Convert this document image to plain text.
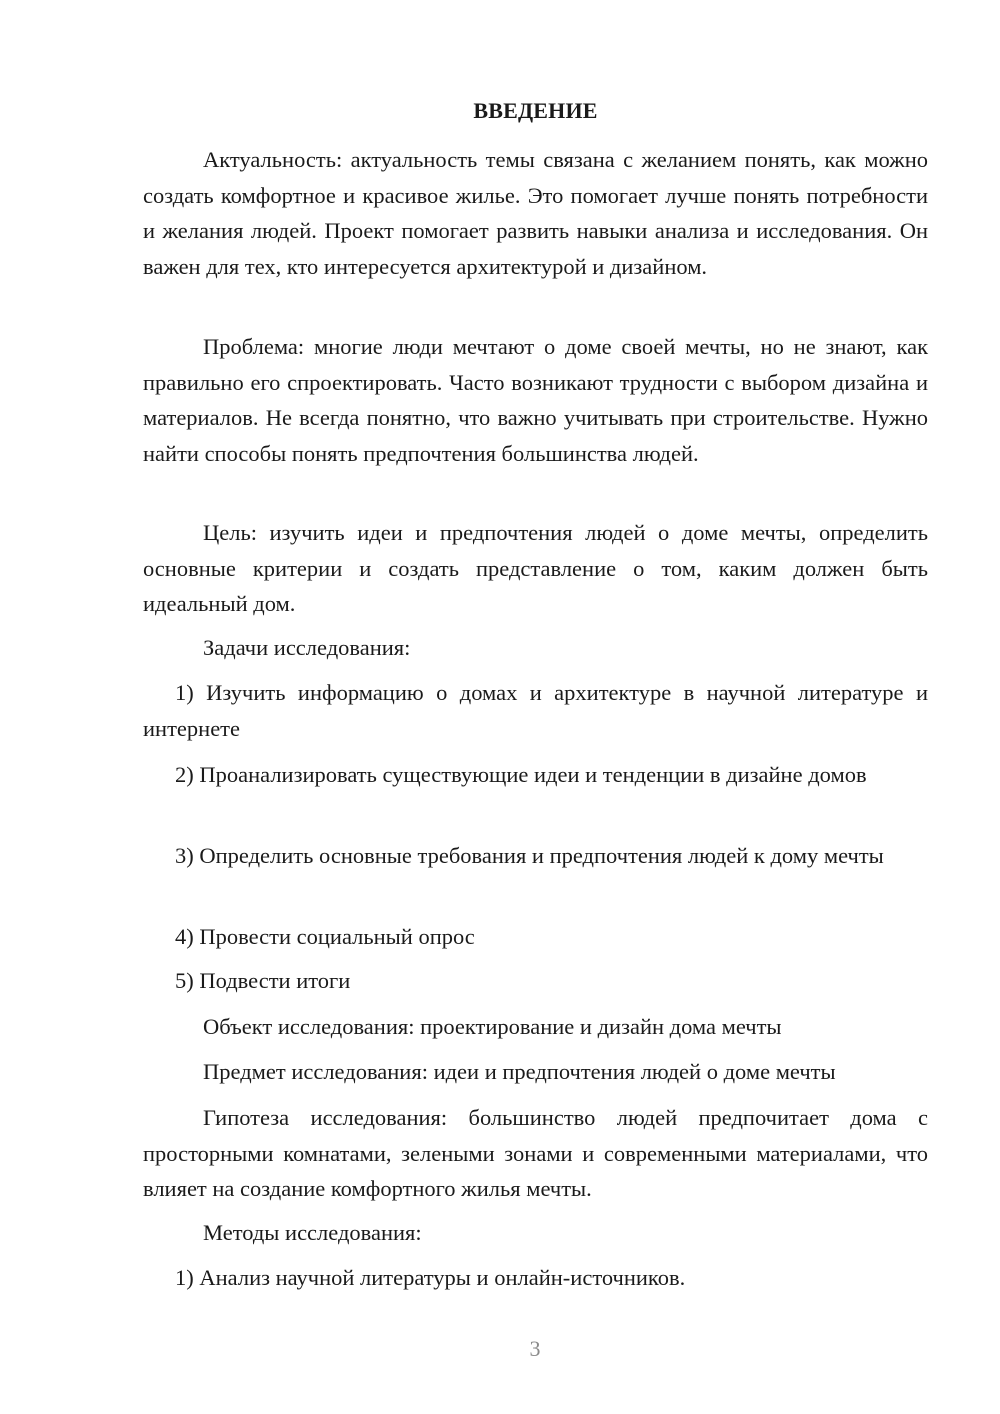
ВВЕДЕНИЕ

Актуальность: актуальность темы связана с желанием понять, как можно создать комфортное и красивое жилье. Это помогает лучше понять потребности и желания людей. Проект помогает развить навыки анализа и исследования. Он важен для тех, кто интересуется архитектурой и дизайном.

Проблема: многие люди мечтают о доме своей мечты, но не знают, как правильно его спроектировать. Часто возникают трудности с выбором дизайна и материалов. Не всегда понятно, что важно учитывать при строительстве. Нужно найти способы понять предпочтения большинства людей.

Цель: изучить идеи и предпочтения людей о доме мечты, определить основные критерии и создать представление о том, каким должен быть идеальный дом.

Задачи исследования:

1) Изучить информацию о домах и архитектуре в научной литературе и интернете

2) Проанализировать существующие идеи и тенденции в дизайне домов

3) Определить основные требования и предпочтения людей к дому мечты

4) Провести социальный опрос

5) Подвести итоги

Объект исследования: проектирование и дизайн дома мечты

Предмет исследования: идеи и предпочтения людей о доме мечты

Гипотеза исследования: большинство людей предпочитает дома с просторными комнатами, зелеными зонами и современными материалами, что влияет на создание комфортного жилья мечты.

Методы исследования:

1) Анализ научной литературы и онлайн-источников.

3
